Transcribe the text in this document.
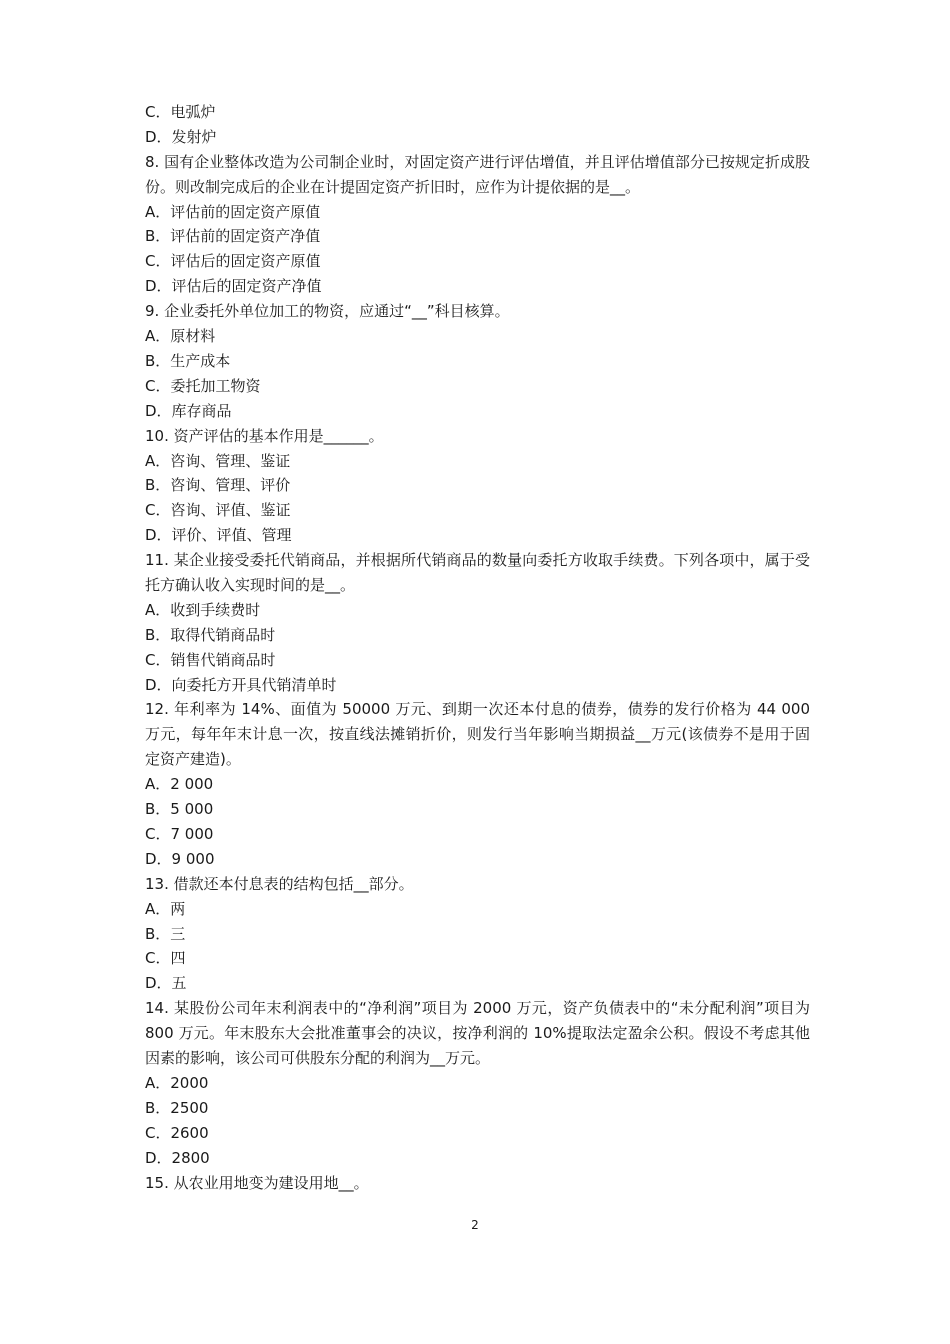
C．电弧炉
D．发射炉
8. 国有企业整体改造为公司制企业时，对固定资产进行评估增值，并且评估增值部分已按规定折成股份。则改制完成后的企业在计提固定资产折旧时，应作为计提依据的是__。
A．评估前的固定资产原值
B．评估前的固定资产净值
C．评估后的固定资产原值
D．评估后的固定资产净值
9. 企业委托外单位加工的物资，应通过“__”科目核算。
A．原材料
B．生产成本
C．委托加工物资
D．库存商品
10. 资产评估的基本作用是______。
A．咨询、管理、鉴证
B．咨询、管理、评价
C．咨询、评值、鉴证
D．评价、评值、管理
11. 某企业接受委托代销商品，并根据所代销商品的数量向委托方收取手续费。下列各项中，属于受托方确认收入实现时间的是__。
A．收到手续费时
B．取得代销商品时
C．销售代销商品时
D．向委托方开具代销清单时
12. 年利率为 14%、面值为 50000 万元、到期一次还本付息的债券，债券的发行价格为 44 000 万元，每年年末计息一次，按直线法摊销折价，则发行当年影响当期损益__万元(该债券不是用于固定资产建造)。
A．2 000
B．5 000
C．7 000
D．9 000
13. 借款还本付息表的结构包括__部分。
A．两
B．三
C．四
D．五
14. 某股份公司年末利润表中的“净利润”项目为 2000 万元，资产负债表中的“未分配利润”项目为 800 万元。年末股东大会批准董事会的决议，按净利润的 10%提取法定盈余公积。假设不考虑其他因素的影响，该公司可供股东分配的利润为__万元。
A．2000
B．2500
C．2600
D．2800
15. 从农业用地变为建设用地__。
2
